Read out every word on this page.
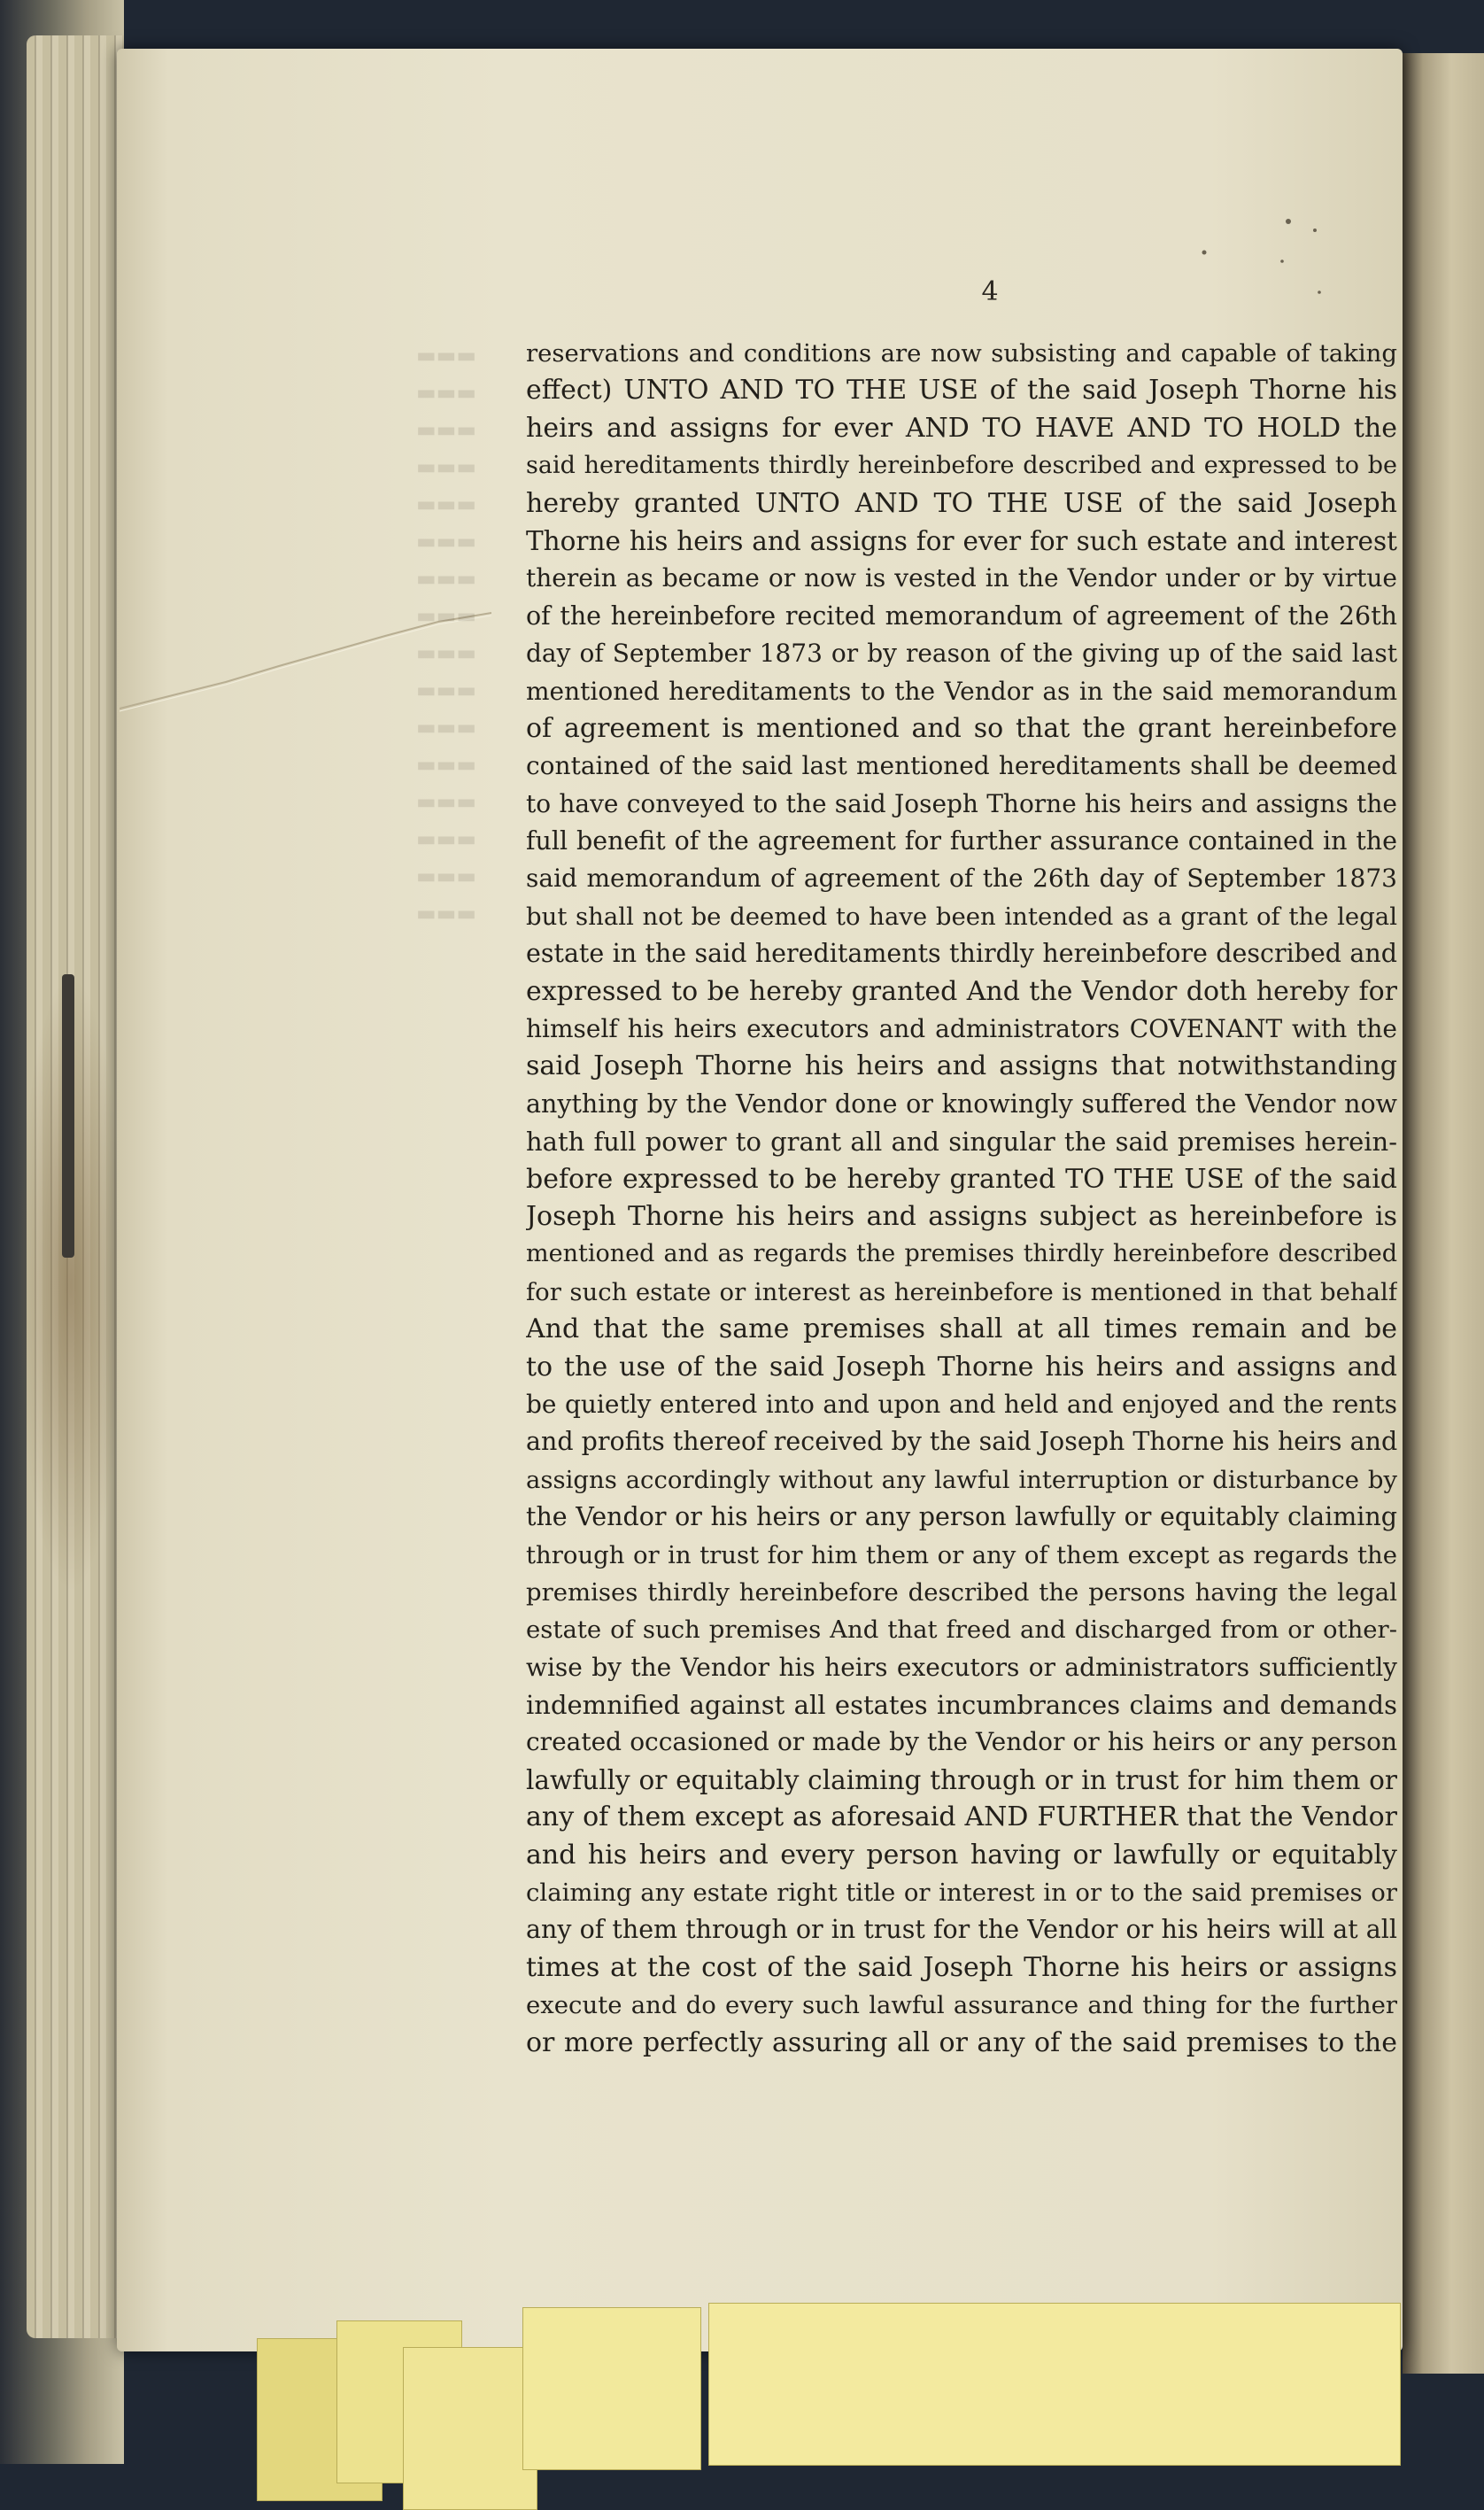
4
▬▬▬
▬▬▬
▬▬▬
▬▬▬
▬▬▬
▬▬▬
▬▬▬
▬▬▬
▬▬▬
▬▬▬
▬▬▬
▬▬▬
▬▬▬
▬▬▬
▬▬▬
▬▬▬
reservations and conditions are now subsisting and capable of taking
effect) UNTO AND TO THE USE of the said Joseph Thorne his
heirs and assigns for ever AND TO HAVE AND TO HOLD the
said hereditaments thirdly hereinbefore described and expressed to be
hereby granted UNTO AND TO THE USE of the said Joseph
Thorne his heirs and assigns for ever for such estate and interest
therein as became or now is vested in the Vendor under or by virtue
of the hereinbefore recited memorandum of agreement of the 26th
day of September 1873 or by reason of the giving up of the said last
mentioned hereditaments to the Vendor as in the said memorandum
of agreement is mentioned and so that the grant hereinbefore
contained of the said last mentioned hereditaments shall be deemed
to have conveyed to the said Joseph Thorne his heirs and assigns the
full benefit of the agreement for further assurance contained in the
said memorandum of agreement of the 26th day of September 1873
but shall not be deemed to have been intended as a grant of the legal
estate in the said hereditaments thirdly hereinbefore described and
expressed to be hereby granted And the Vendor doth hereby for
himself his heirs executors and administrators COVENANT with the
said Joseph Thorne his heirs and assigns that notwithstanding
anything by the Vendor done or knowingly suffered the Vendor now
hath full power to grant all and singular the said premises herein-
before expressed to be hereby granted TO THE USE of the said
Joseph Thorne his heirs and assigns subject as hereinbefore is
mentioned and as regards the premises thirdly hereinbefore described
for such estate or interest as hereinbefore is mentioned in that behalf
And that the same premises shall at all times remain and be
to the use of the said Joseph Thorne his heirs and assigns and
be quietly entered into and upon and held and enjoyed and the rents
and profits thereof received by the said Joseph Thorne his heirs and
assigns accordingly without any lawful interruption or disturbance by
the Vendor or his heirs or any person lawfully or equitably claiming
through or in trust for him them or any of them except as regards the
premises thirdly hereinbefore described the persons having the legal
estate of such premises And that freed and discharged from or other-
wise by the Vendor his heirs executors or administrators sufficiently
indemnified against all estates incumbrances claims and demands
created occasioned or made by the Vendor or his heirs or any person
lawfully or equitably claiming through or in trust for him them or
any of them except as aforesaid AND FURTHER that the Vendor
and his heirs and every person having or lawfully or equitably
claiming any estate right title or interest in or to the said premises or
any of them through or in trust for the Vendor or his heirs will at all
times at the cost of the said Joseph Thorne his heirs or assigns
execute and do every such lawful assurance and thing for the further
or more perfectly assuring all or any of the said premises to the
